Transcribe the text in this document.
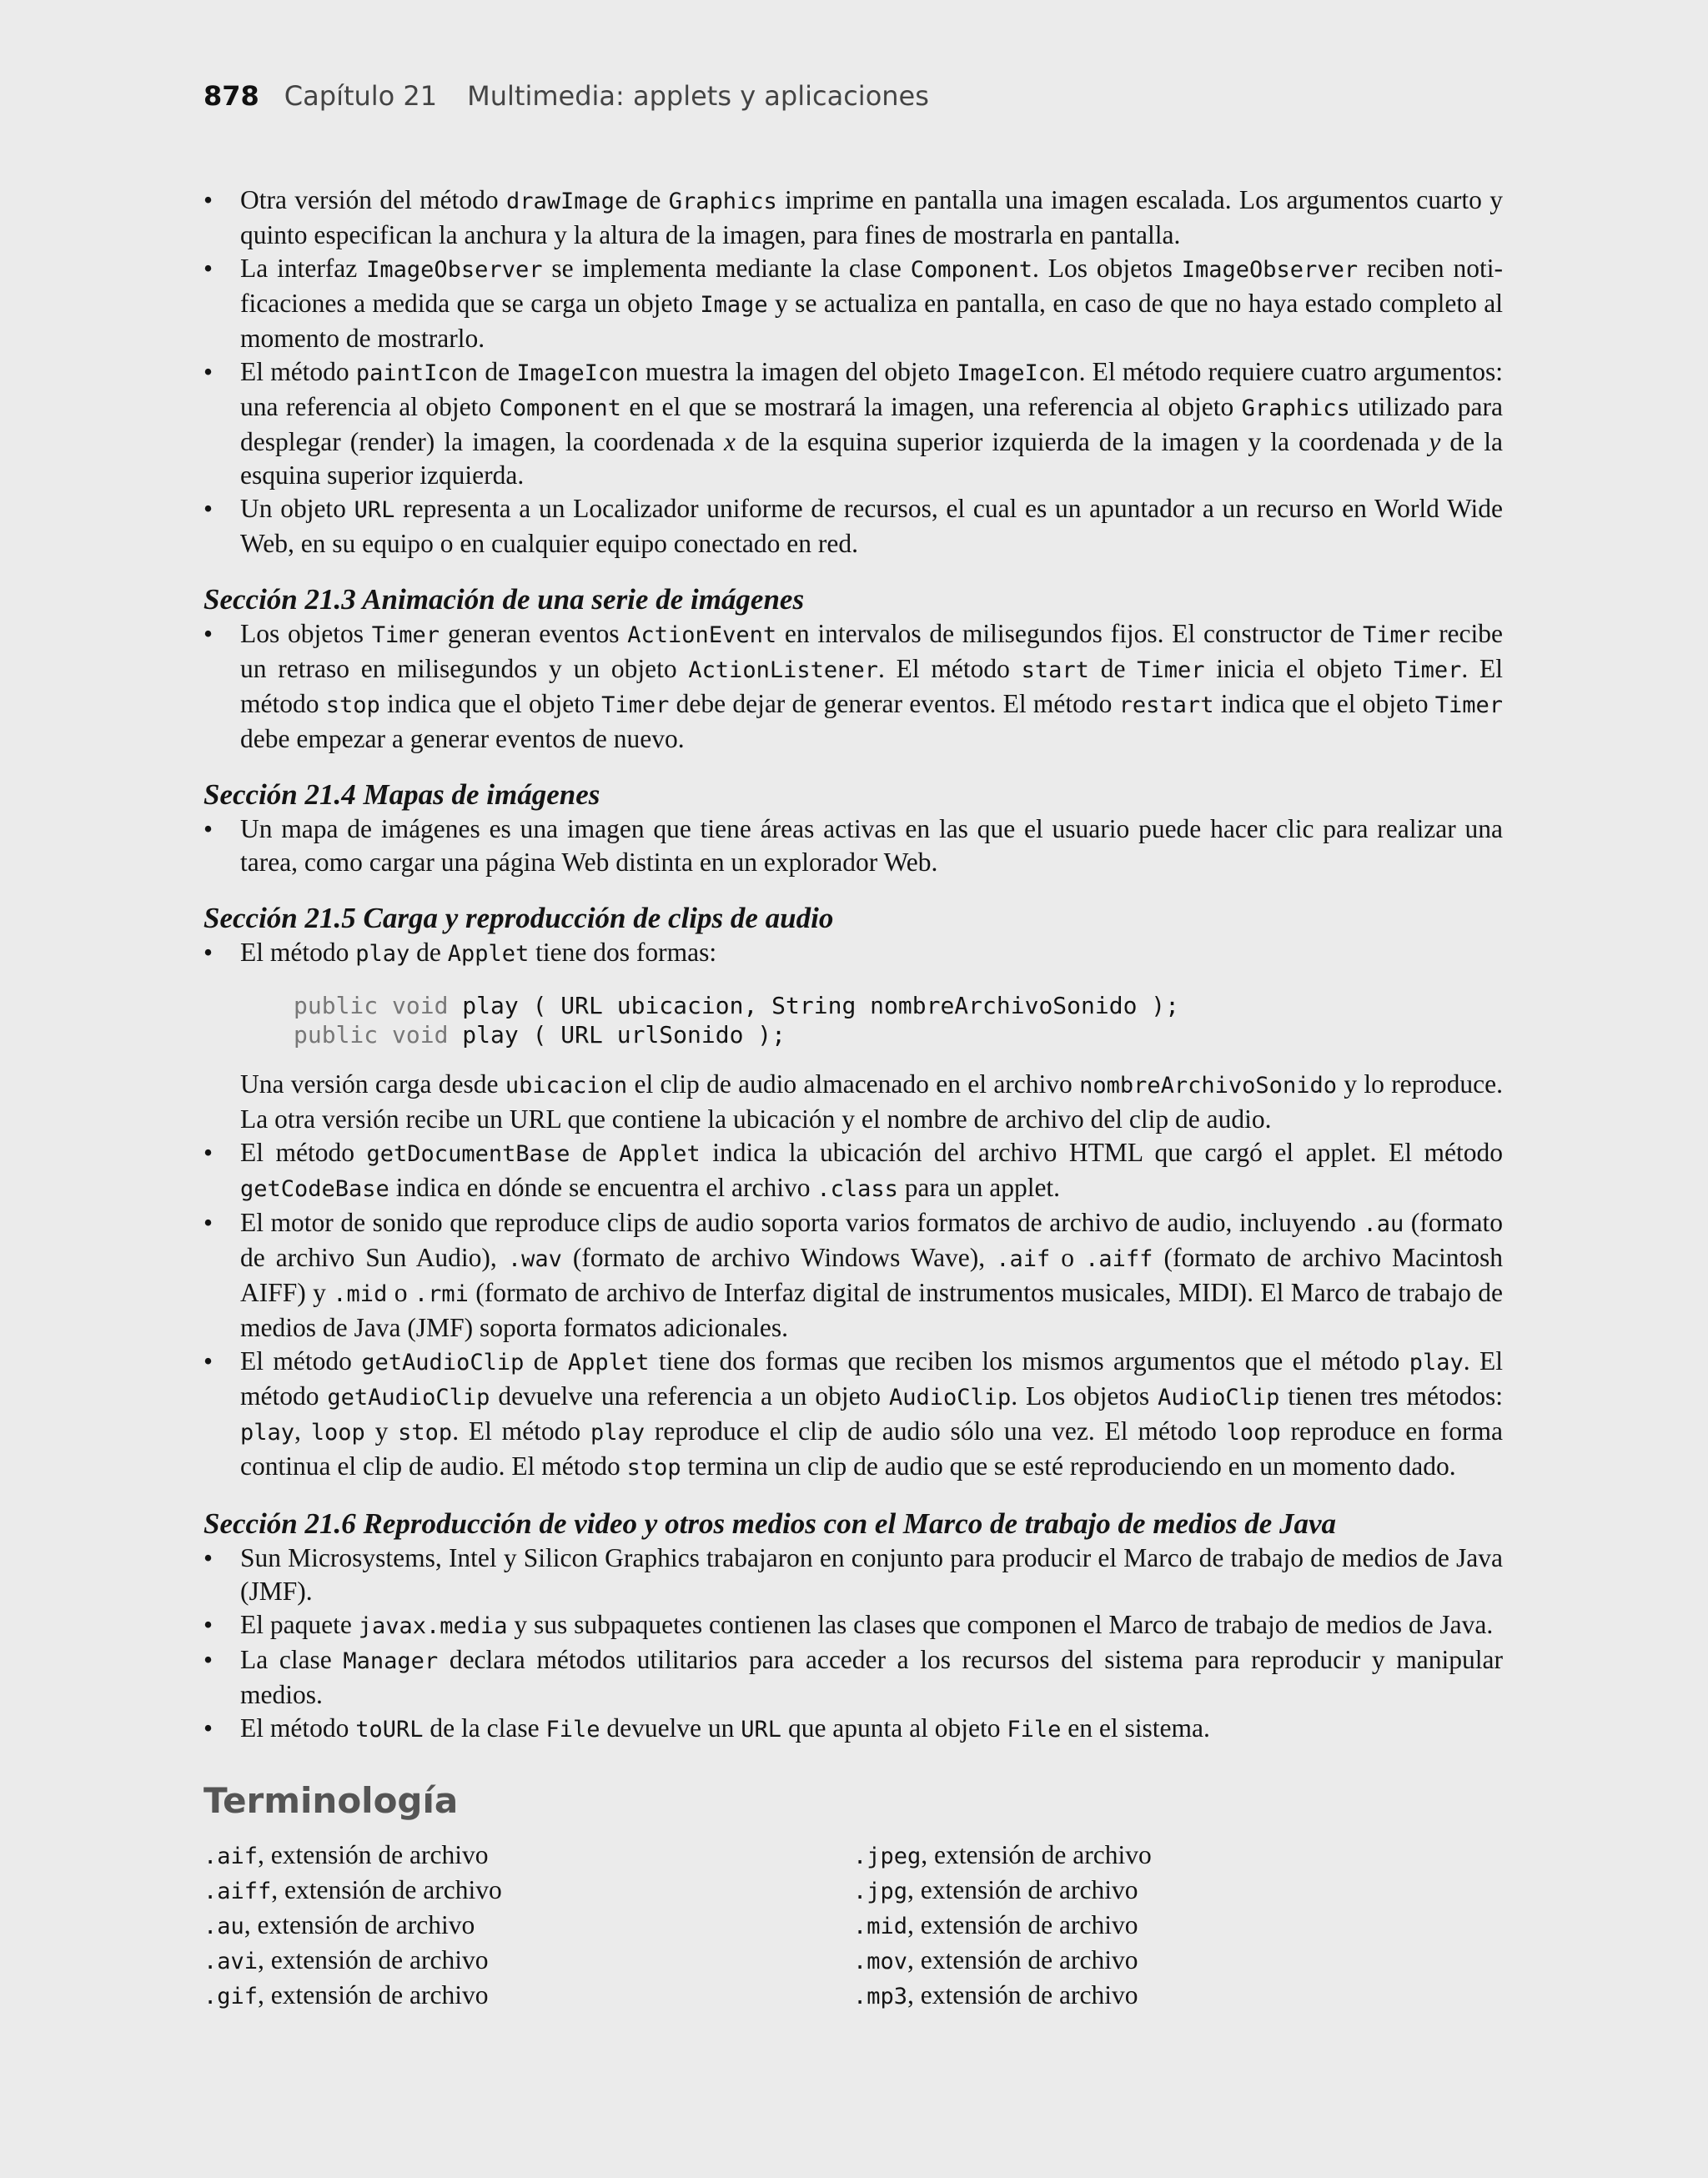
878 Capítulo 21 Multimedia: applets y aplicaciones
• Otra versión del método drawImage de Graphics imprime en pantalla una imagen escalada. Los argumentos cuarto y quinto especifican la anchura y la altura de la imagen, para fines de mostrarla en pantalla.
• La interfaz ImageObserver se implementa mediante la clase Component. Los objetos ImageObserver reciben notificaciones a medida que se carga un objeto Image y se actualiza en pantalla, en caso de que no haya estado completo al momento de mostrarlo.
• El método paintIcon de ImageIcon muestra la imagen del objeto ImageIcon. El método requiere cuatro argumentos: una referencia al objeto Component en el que se mostrará la imagen, una referencia al objeto Graphics utilizado para desplegar (render) la imagen, la coordenada x de la esquina superior izquierda de la imagen y la coordenada y de la esquina superior izquierda.
• Un objeto URL representa a un Localizador uniforme de recursos, el cual es un apuntador a un recurso en World Wide Web, en su equipo o en cualquier equipo conectado en red.
Sección 21.3 Animación de una serie de imágenes
• Los objetos Timer generan eventos ActionEvent en intervalos de milisegundos fijos. El constructor de Timer recibe un retraso en milisegundos y un objeto ActionListener. El método start de Timer inicia el objeto Timer. El método stop indica que el objeto Timer debe dejar de generar eventos. El método restart indica que el objeto Timer debe empezar a generar eventos de nuevo.
Sección 21.4 Mapas de imágenes
• Un mapa de imágenes es una imagen que tiene áreas activas en las que el usuario puede hacer clic para realizar una tarea, como cargar una página Web distinta en un explorador Web.
Sección 21.5 Carga y reproducción de clips de audio
• El método play de Applet tiene dos formas:
public void play ( URL ubicacion, String nombreArchivoSonido );
public void play ( URL urlSonido );
Una versión carga desde ubicacion el clip de audio almacenado en el archivo nombreArchivoSonido y lo reproduce. La otra versión recibe un URL que contiene la ubicación y el nombre de archivo del clip de audio.
• El método getDocumentBase de Applet indica la ubicación del archivo HTML que cargó el applet. El método getCodeBase indica en dónde se encuentra el archivo .class para un applet.
• El motor de sonido que reproduce clips de audio soporta varios formatos de archivo de audio, incluyendo .au (formato de archivo Sun Audio), .wav (formato de archivo Windows Wave), .aif o .aiff (formato de archivo Macintosh AIFF) y .mid o .rmi (formato de archivo de Interfaz digital de instrumentos musicales, MIDI). El Marco de trabajo de medios de Java (JMF) soporta formatos adicionales.
• El método getAudioClip de Applet tiene dos formas que reciben los mismos argumentos que el método play. El método getAudioClip devuelve una referencia a un objeto AudioClip. Los objetos AudioClip tienen tres métodos: play, loop y stop. El método play reproduce el clip de audio sólo una vez. El método loop reproduce en forma continua el clip de audio. El método stop termina un clip de audio que se esté reproduciendo en un momento dado.
Sección 21.6 Reproducción de video y otros medios con el Marco de trabajo de medios de Java
• Sun Microsystems, Intel y Silicon Graphics trabajaron en conjunto para producir el Marco de trabajo de medios de Java (JMF).
• El paquete javax.media y sus subpaquetes contienen las clases que componen el Marco de trabajo de medios de Java.
• La clase Manager declara métodos utilitarios para acceder a los recursos del sistema para reproducir y manipular medios.
• El método toURL de la clase File devuelve un URL que apunta al objeto File en el sistema.
Terminología
.aif, extensión de archivo
.aiff, extensión de archivo
.au, extensión de archivo
.avi, extensión de archivo
.gif, extensión de archivo
.jpeg, extensión de archivo
.jpg, extensión de archivo
.mid, extensión de archivo
.mov, extensión de archivo
.mp3, extensión de archivo
